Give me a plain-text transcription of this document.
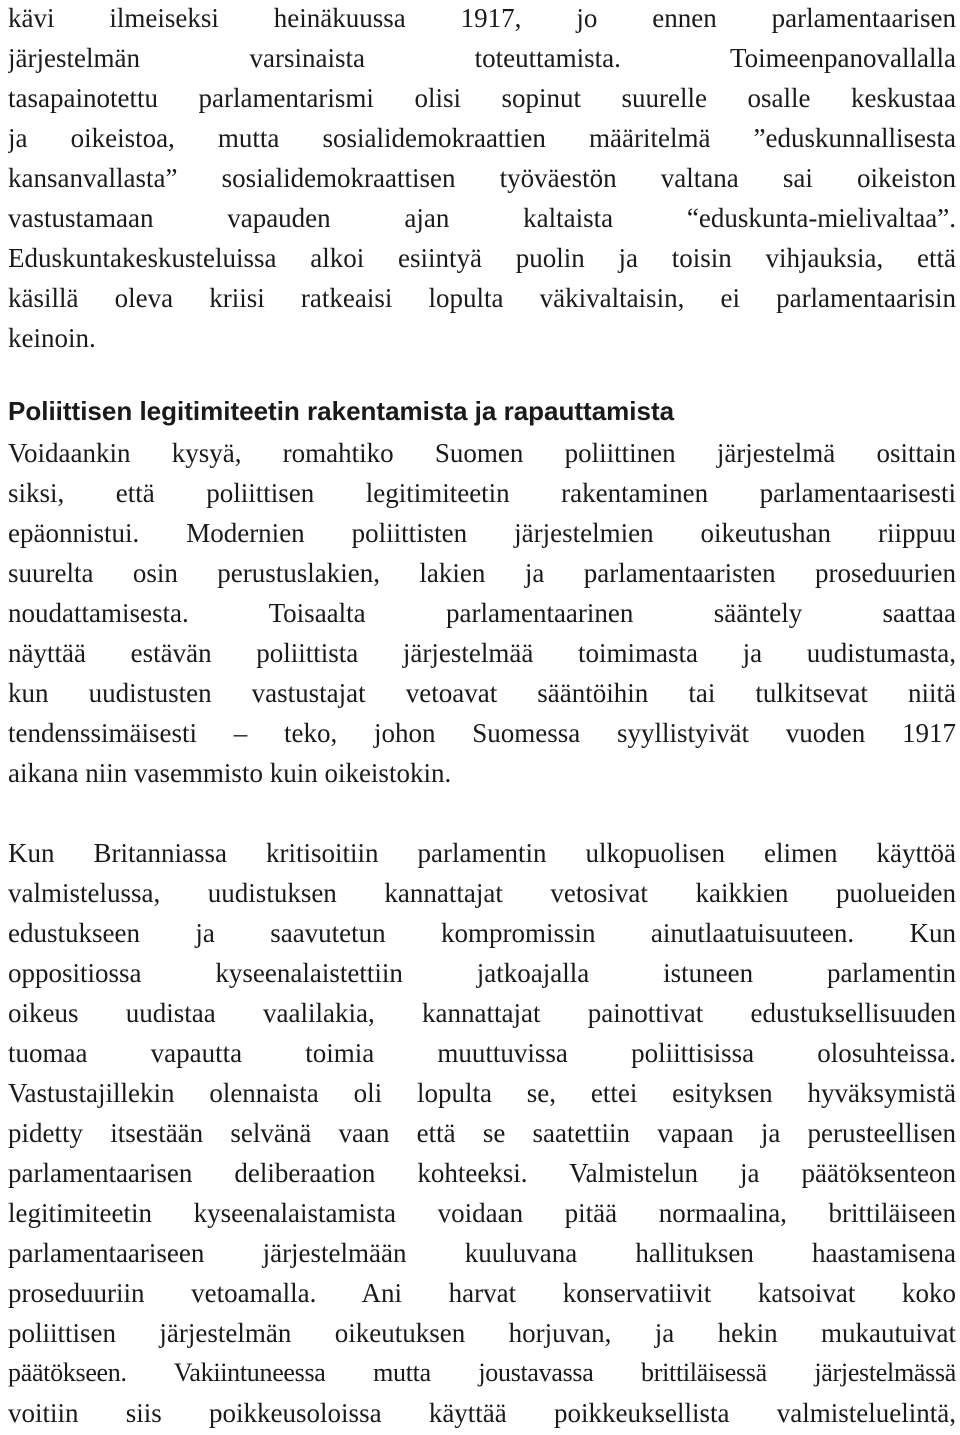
kävi ilmeiseksi heinäkuussa 1917, jo ennen parlamentaarisen
järjestelmän varsinaista toteuttamista. Toimeenpanovallalla
tasapainotettu parlamentarismi olisi sopinut suurelle osalle keskustaa
ja oikeistoa, mutta sosialidemokraattien määritelmä ”eduskunnallisesta
kansanvallasta” sosialidemokraattisen työväestön valtana sai oikeiston
vastustamaan vapauden ajan kaltaista “eduskunta-mielivaltaa”.
Eduskuntakeskusteluissa alkoi esiintyä puolin ja toisin vihjauksia, että
käsillä oleva kriisi ratkeaisi lopulta väkivaltaisin, ei parlamentaarisin
keinoin.
Poliittisen legitimiteetin rakentamista ja rapauttamista
Voidaankin kysyä, romahtiko Suomen poliittinen järjestelmä osittain
siksi, että poliittisen legitimiteetin rakentaminen parlamentaarisesti
epäonnistui. Modernien poliittisten järjestelmien oikeutushan riippuu
suurelta osin perustuslakien, lakien ja parlamentaaristen proseduurien
noudattamisesta. Toisaalta parlamentaarinen sääntely saattaa
näyttää estävän poliittista järjestelmää toimimasta ja uudistumasta,
kun uudistusten vastustajat vetoavat sääntöihin tai tulkitsevat niitä
tendenssimäisesti – teko, johon Suomessa syyllistyivät vuoden 1917
aikana niin vasemmisto kuin oikeistokin.
Kun Britanniassa kritisoitiin parlamentin ulkopuolisen elimen käyttöä
valmistelussa, uudistuksen kannattajat vetosivat kaikkien puolueiden
edustukseen ja saavutetun kompromissin ainutlaatuisuuteen. Kun
oppositiossa kyseenalaistettiin jatkoajalla istuneen parlamentin
oikeus uudistaa vaalilakia, kannattajat painottivat edustuksellisuuden
tuomaa vapautta toimia muuttuvissa poliittisissa olosuhteissa.
Vastustajillekin olennaista oli lopulta se, ettei esityksen hyväksymistä
pidetty itsestään selvänä vaan että se saatettiin vapaan ja perusteellisen
parlamentaarisen deliberaation kohteeksi. Valmistelun ja päätöksenteon
legitimiteetin kyseenalaistamista voidaan pitää normaalina, brittiläiseen
parlamentaariseen järjestelmään kuuluvana hallituksen haastamisena
proseduuriin vetoamalla. Ani harvat konservatiivit katsoivat koko
poliittisen järjestelmän oikeutuksen horjuvan, ja hekin mukautuivat
päätökseen. Vakiintuneessa mutta joustavassa brittiläisessä järjestelmässä
voitiin siis poikkeusoloissa käyttää poikkeuksellista valmisteluelintä,
